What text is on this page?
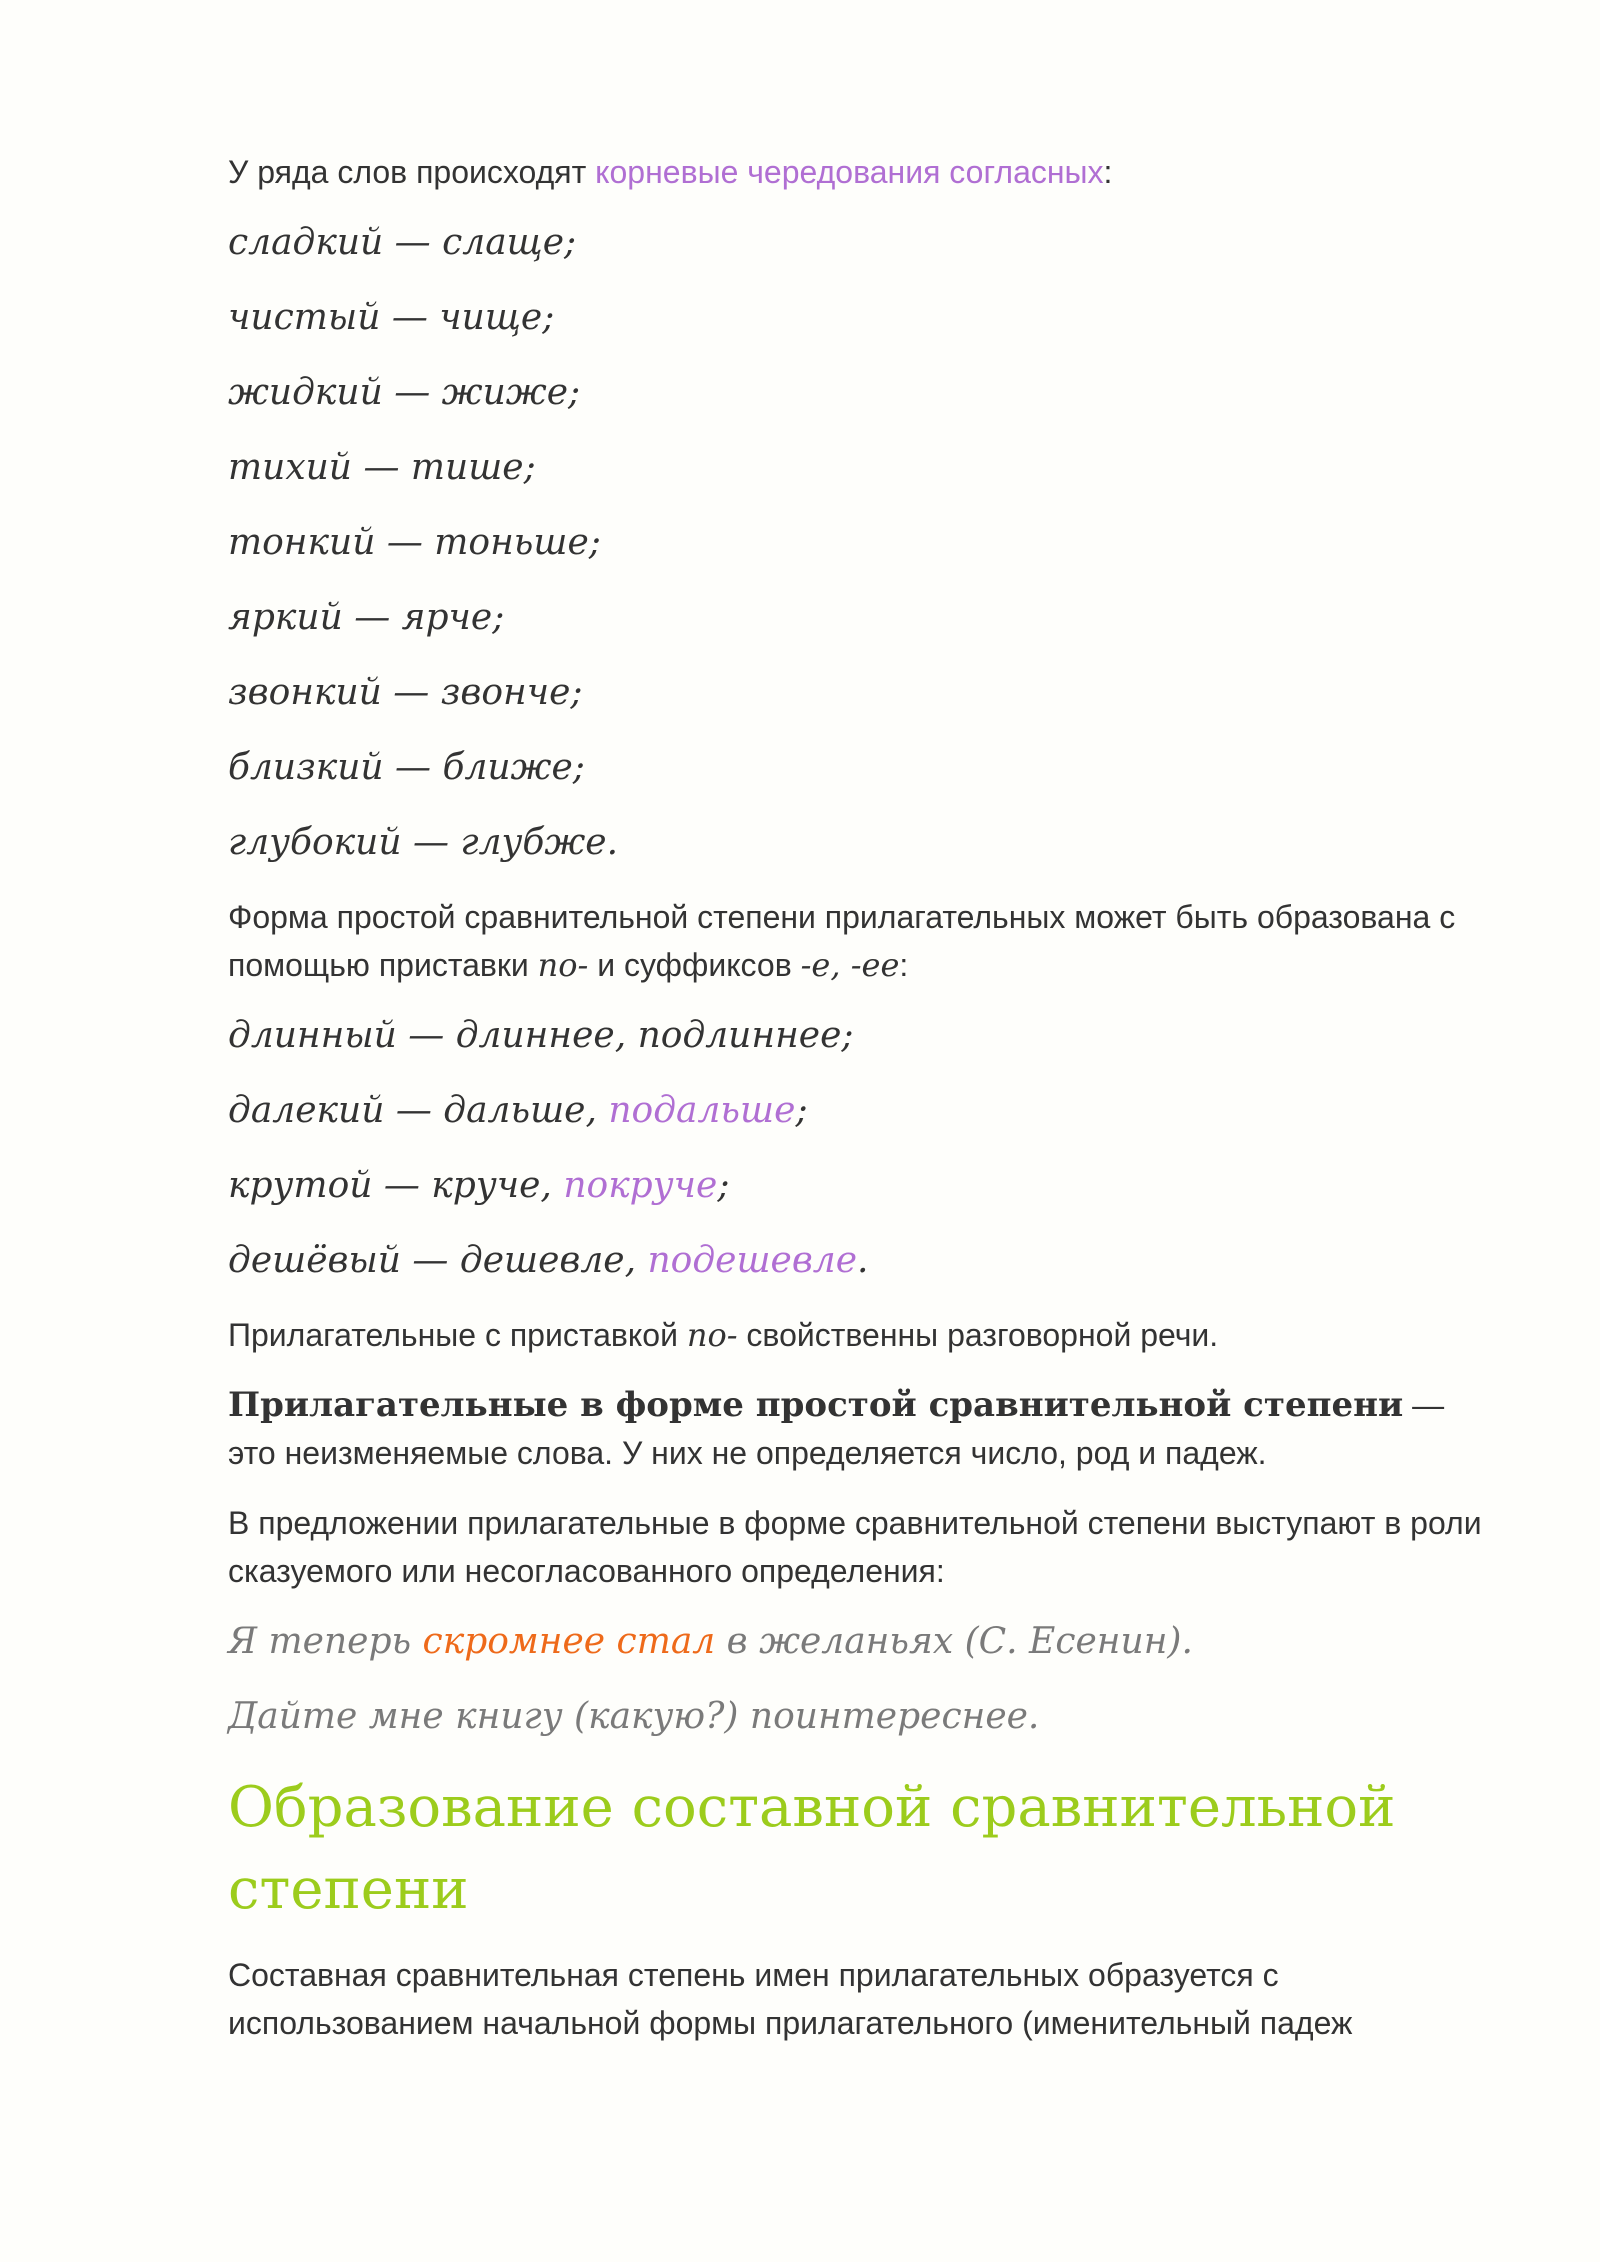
У ряда слов происходят корневые чередования согласных:

сладкий — слаще;

чистый — чище;

жидкий — жиже;

тихий — тише;

тонкий — тоньше;

яркий — ярче;

звонкий — звонче;

близкий — ближе;

глубокий — глубже.

Форма простой сравнительной степени прилагательных может быть образована с помощью приставки по- и суффиксов -е, -ее:

длинный — длиннее, подлиннее;

далекий — дальше, подальше;

крутой — круче, покруче;

дешёвый — дешевле, подешевле.

Прилагательные с приставкой по- свойственны разговорной речи.

Прилагательные в форме простой сравнительной степени — это неизменяемые слова. У них не определяется число, род и падеж.

В предложении прилагательные в форме сравнительной степени выступают в роли сказуемого или несогласованного определения:

Я теперь скромнее стал в желаньях (С. Есенин).

Дайте мне книгу (какую?) поинтереснее.

Образование составной сравнительной степени

Составная сравнительная степень имен прилагательных образуется с использованием начальной формы прилагательного (именительный падеж
